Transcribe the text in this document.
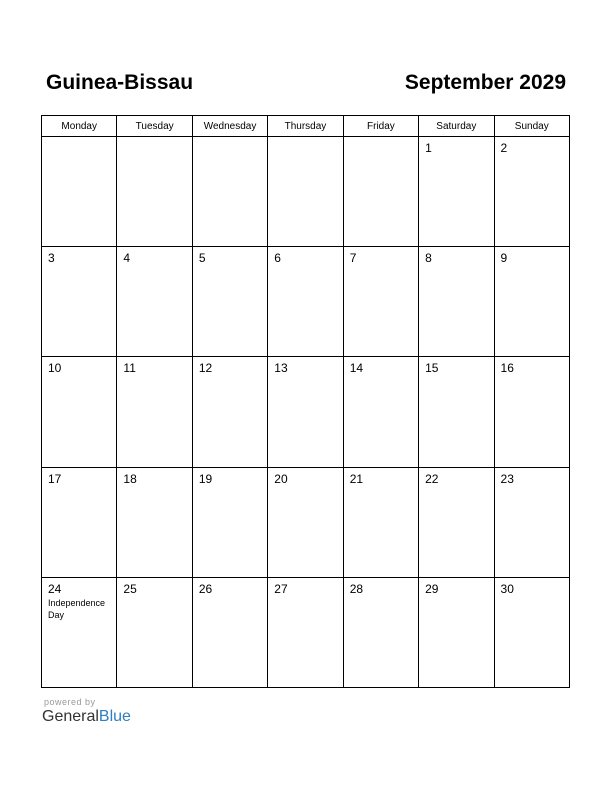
Guinea-Bissau	September 2029
Monday	Tuesday	Wednesday	Thursday	Friday	Saturday	Sunday

					1	2

3	4	5	6	7	8	9

10	11	12	13	14	15	16

17	18	19	20	21	22	23

24
Independence Day	25	26	27	28	29	30
powered by
GeneralBlue
